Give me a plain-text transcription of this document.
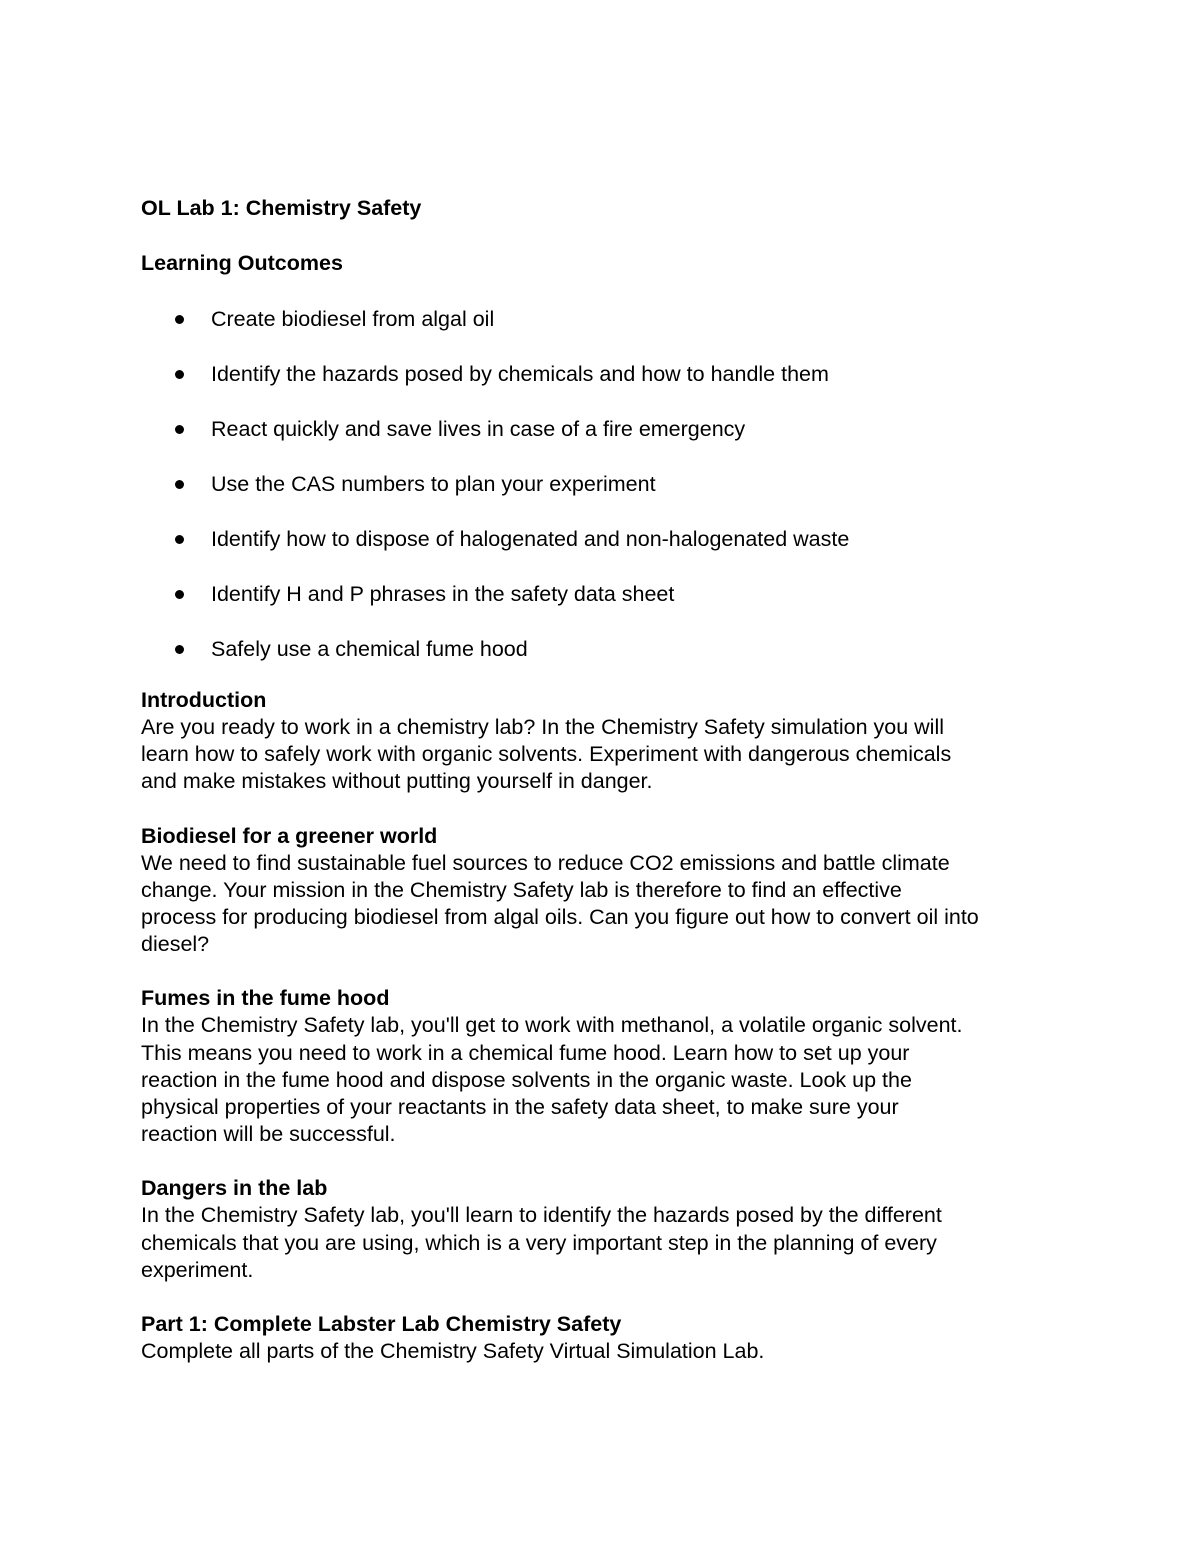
OL Lab 1: Chemistry Safety
Learning Outcomes
Create biodiesel from algal oil
Identify the hazards posed by chemicals and how to handle them
React quickly and save lives in case of a fire emergency
Use the CAS numbers to plan your experiment
Identify how to dispose of halogenated and non-halogenated waste
Identify H and P phrases in the safety data sheet
Safely use a chemical fume hood
Introduction

Are you ready to work in a chemistry lab? In the Chemistry Safety simulation you will

learn how to safely work with organic solvents. Experiment with dangerous chemicals

and make mistakes without putting yourself in danger.

Biodiesel for a greener world

We need to find sustainable fuel sources to reduce CO2 emissions and battle climate

change. Your mission in the Chemistry Safety lab is therefore to find an effective

process for producing biodiesel from algal oils. Can you figure out how to convert oil into

diesel?

Fumes in the fume hood

In the Chemistry Safety lab, you'll get to work with methanol, a volatile organic solvent.

This means you need to work in a chemical fume hood. Learn how to set up your

reaction in the fume hood and dispose solvents in the organic waste. Look up the

physical properties of your reactants in the safety data sheet, to make sure your

reaction will be successful.

Dangers in the lab

In the Chemistry Safety lab, you'll learn to identify the hazards posed by the different

chemicals that you are using, which is a very important step in the planning of every

experiment.

Part 1: Complete Labster Lab Chemistry Safety

Complete all parts of the Chemistry Safety Virtual Simulation Lab.
